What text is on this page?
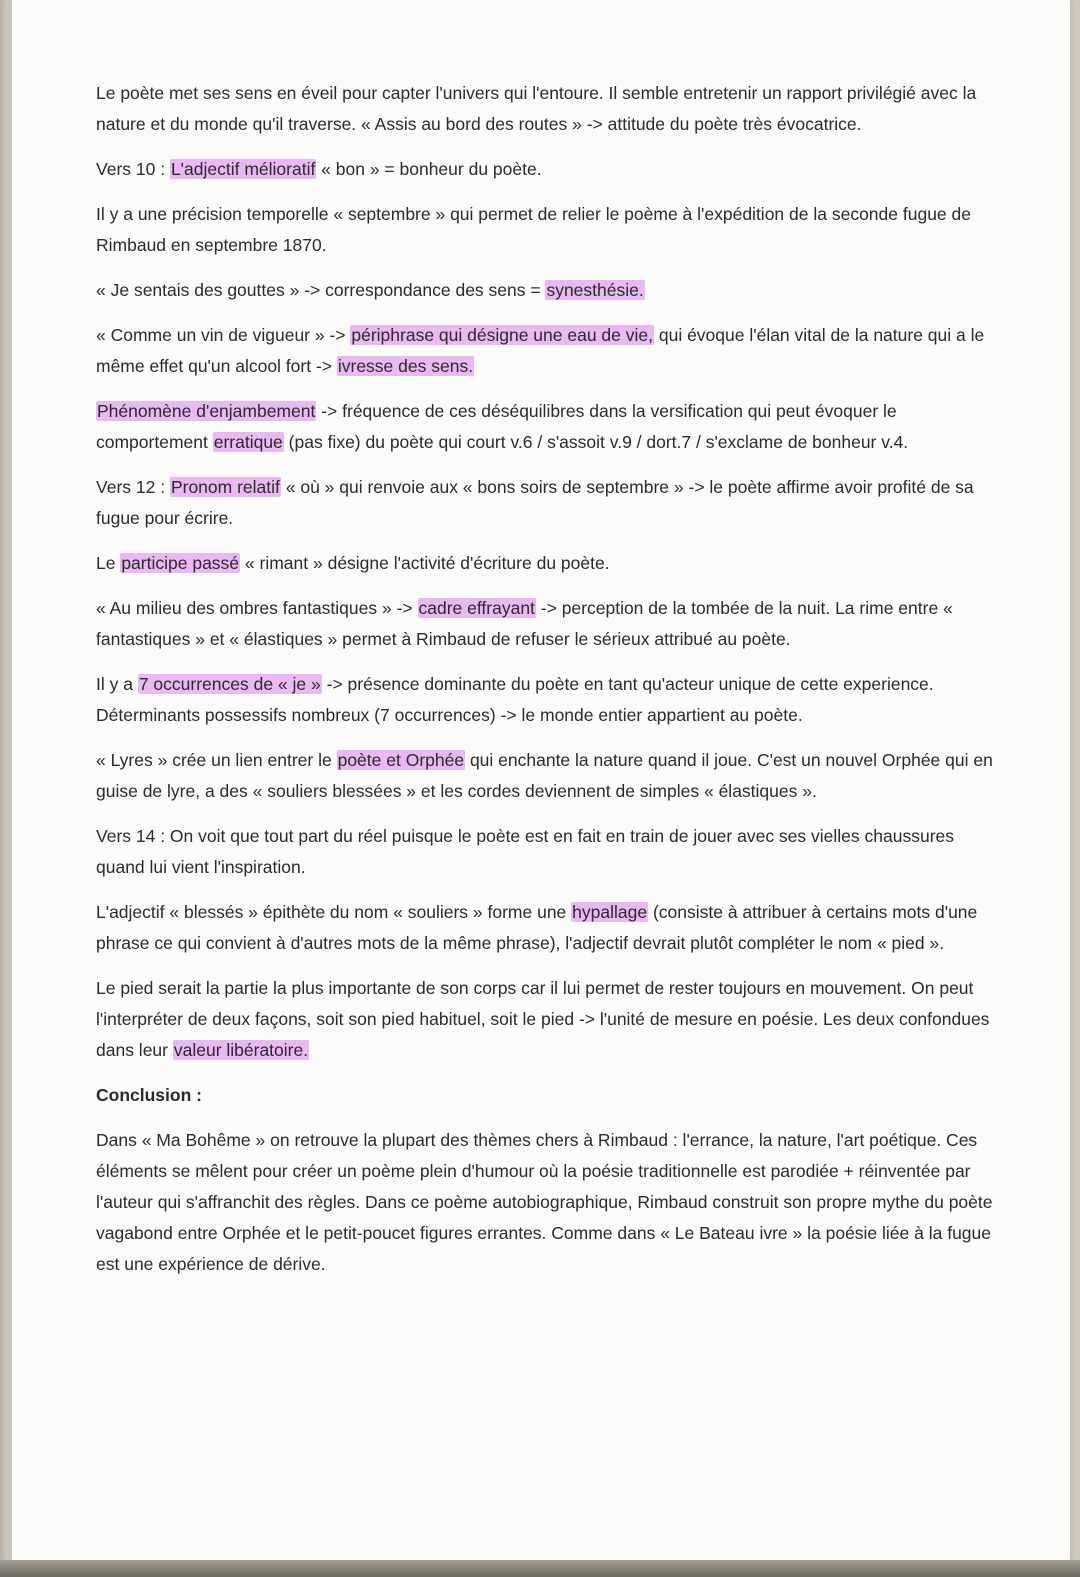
Le poète met ses sens en éveil pour capter l'univers qui l'entoure. Il semble entretenir un rapport privilégié avec la nature et du monde qu'il traverse. « Assis au bord des routes » -> attitude du poète très évocatrice.

Vers 10 : L'adjectif mélioratif « bon » = bonheur du poète.

Il y a une précision temporelle « septembre » qui permet de relier le poème à l'expédition de la seconde fugue de Rimbaud en septembre 1870.

« Je sentais des gouttes » -> correspondance des sens = synesthésie.

« Comme un vin de vigueur » -> périphrase qui désigne une eau de vie, qui évoque l'élan vital de la nature qui a le même effet qu'un alcool fort -> ivresse des sens.

Phénomène d'enjambement -> fréquence de ces déséquilibres dans la versification qui peut évoquer le comportement erratique (pas fixe) du poète qui court v.6 / s'assoit v.9 / dort.7 / s'exclame de bonheur v.4.

Vers 12 : Pronom relatif « où » qui renvoie aux « bons soirs de septembre » -> le poète affirme avoir profité de sa fugue pour écrire.

Le participe passé « rimant » désigne l'activité d'écriture du poète.

« Au milieu des ombres fantastiques » -> cadre effrayant -> perception de la tombée de la nuit. La rime entre « fantastiques » et « élastiques » permet à Rimbaud de refuser le sérieux attribué au poète.

Il y a 7 occurrences de « je » -> présence dominante du poète en tant qu'acteur unique de cette experience. Déterminants possessifs nombreux (7 occurrences) -> le monde entier appartient au poète.

« Lyres » crée un lien entrer le poète et Orphée qui enchante la nature quand il joue. C'est un nouvel Orphée qui en guise de lyre, a des « souliers blessées » et les cordes deviennent de simples « élastiques ».

Vers 14 : On voit que tout part du réel puisque le poète est en fait en train de jouer avec ses vielles chaussures quand lui vient l'inspiration.

L'adjectif « blessés » épithète du nom « souliers » forme une hypallage (consiste à attribuer à certains mots d'une phrase ce qui convient à d'autres mots de la même phrase), l'adjectif devrait plutôt compléter le nom « pied ».

Le pied serait la partie la plus importante de son corps car il lui permet de rester toujours en mouvement. On peut l'interpréter de deux façons, soit son pied habituel, soit le pied -> l'unité de mesure en poésie. Les deux confondues dans leur valeur libératoire.

Conclusion :

Dans « Ma Bohême » on retrouve la plupart des thèmes chers à Rimbaud : l'errance, la nature, l'art poétique. Ces éléments se mêlent pour créer un poème plein d'humour où la poésie traditionnelle est parodiée + réinventée par l'auteur qui s'affranchit des règles. Dans ce poème autobiographique, Rimbaud construit son propre mythe du poète vagabond entre Orphée et le petit-poucet figures errantes. Comme dans « Le Bateau ivre » la poésie liée à la fugue est une expérience de dérive.
